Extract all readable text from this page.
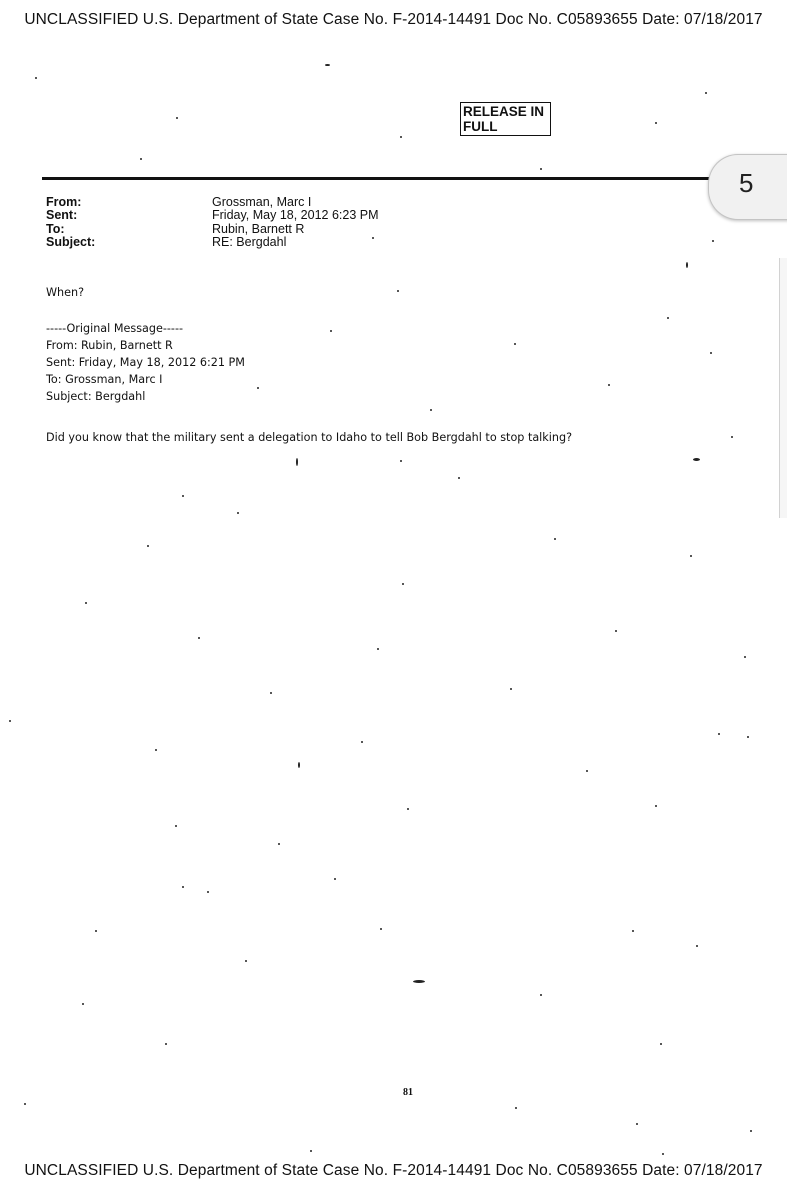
UNCLASSIFIED U.S. Department of State Case No. F-2014-14491 Doc No. C05893655 Date: 07/18/2017
RELEASE IN
FULL
5
From:	Grossman, Marc I
Sent:	Friday, May 18, 2012 6:23 PM
To:	Rubin, Barnett R
Subject:	RE: Bergdahl
When?
-----Original Message-----
From: Rubin, Barnett R
Sent: Friday, May 18, 2012 6:21 PM
To: Grossman, Marc I
Subject: Bergdahl
Did you know that the military sent a delegation to Idaho to tell Bob Bergdahl to stop talking?
81
UNCLASSIFIED U.S. Department of State Case No. F-2014-14491 Doc No. C05893655 Date: 07/18/2017
